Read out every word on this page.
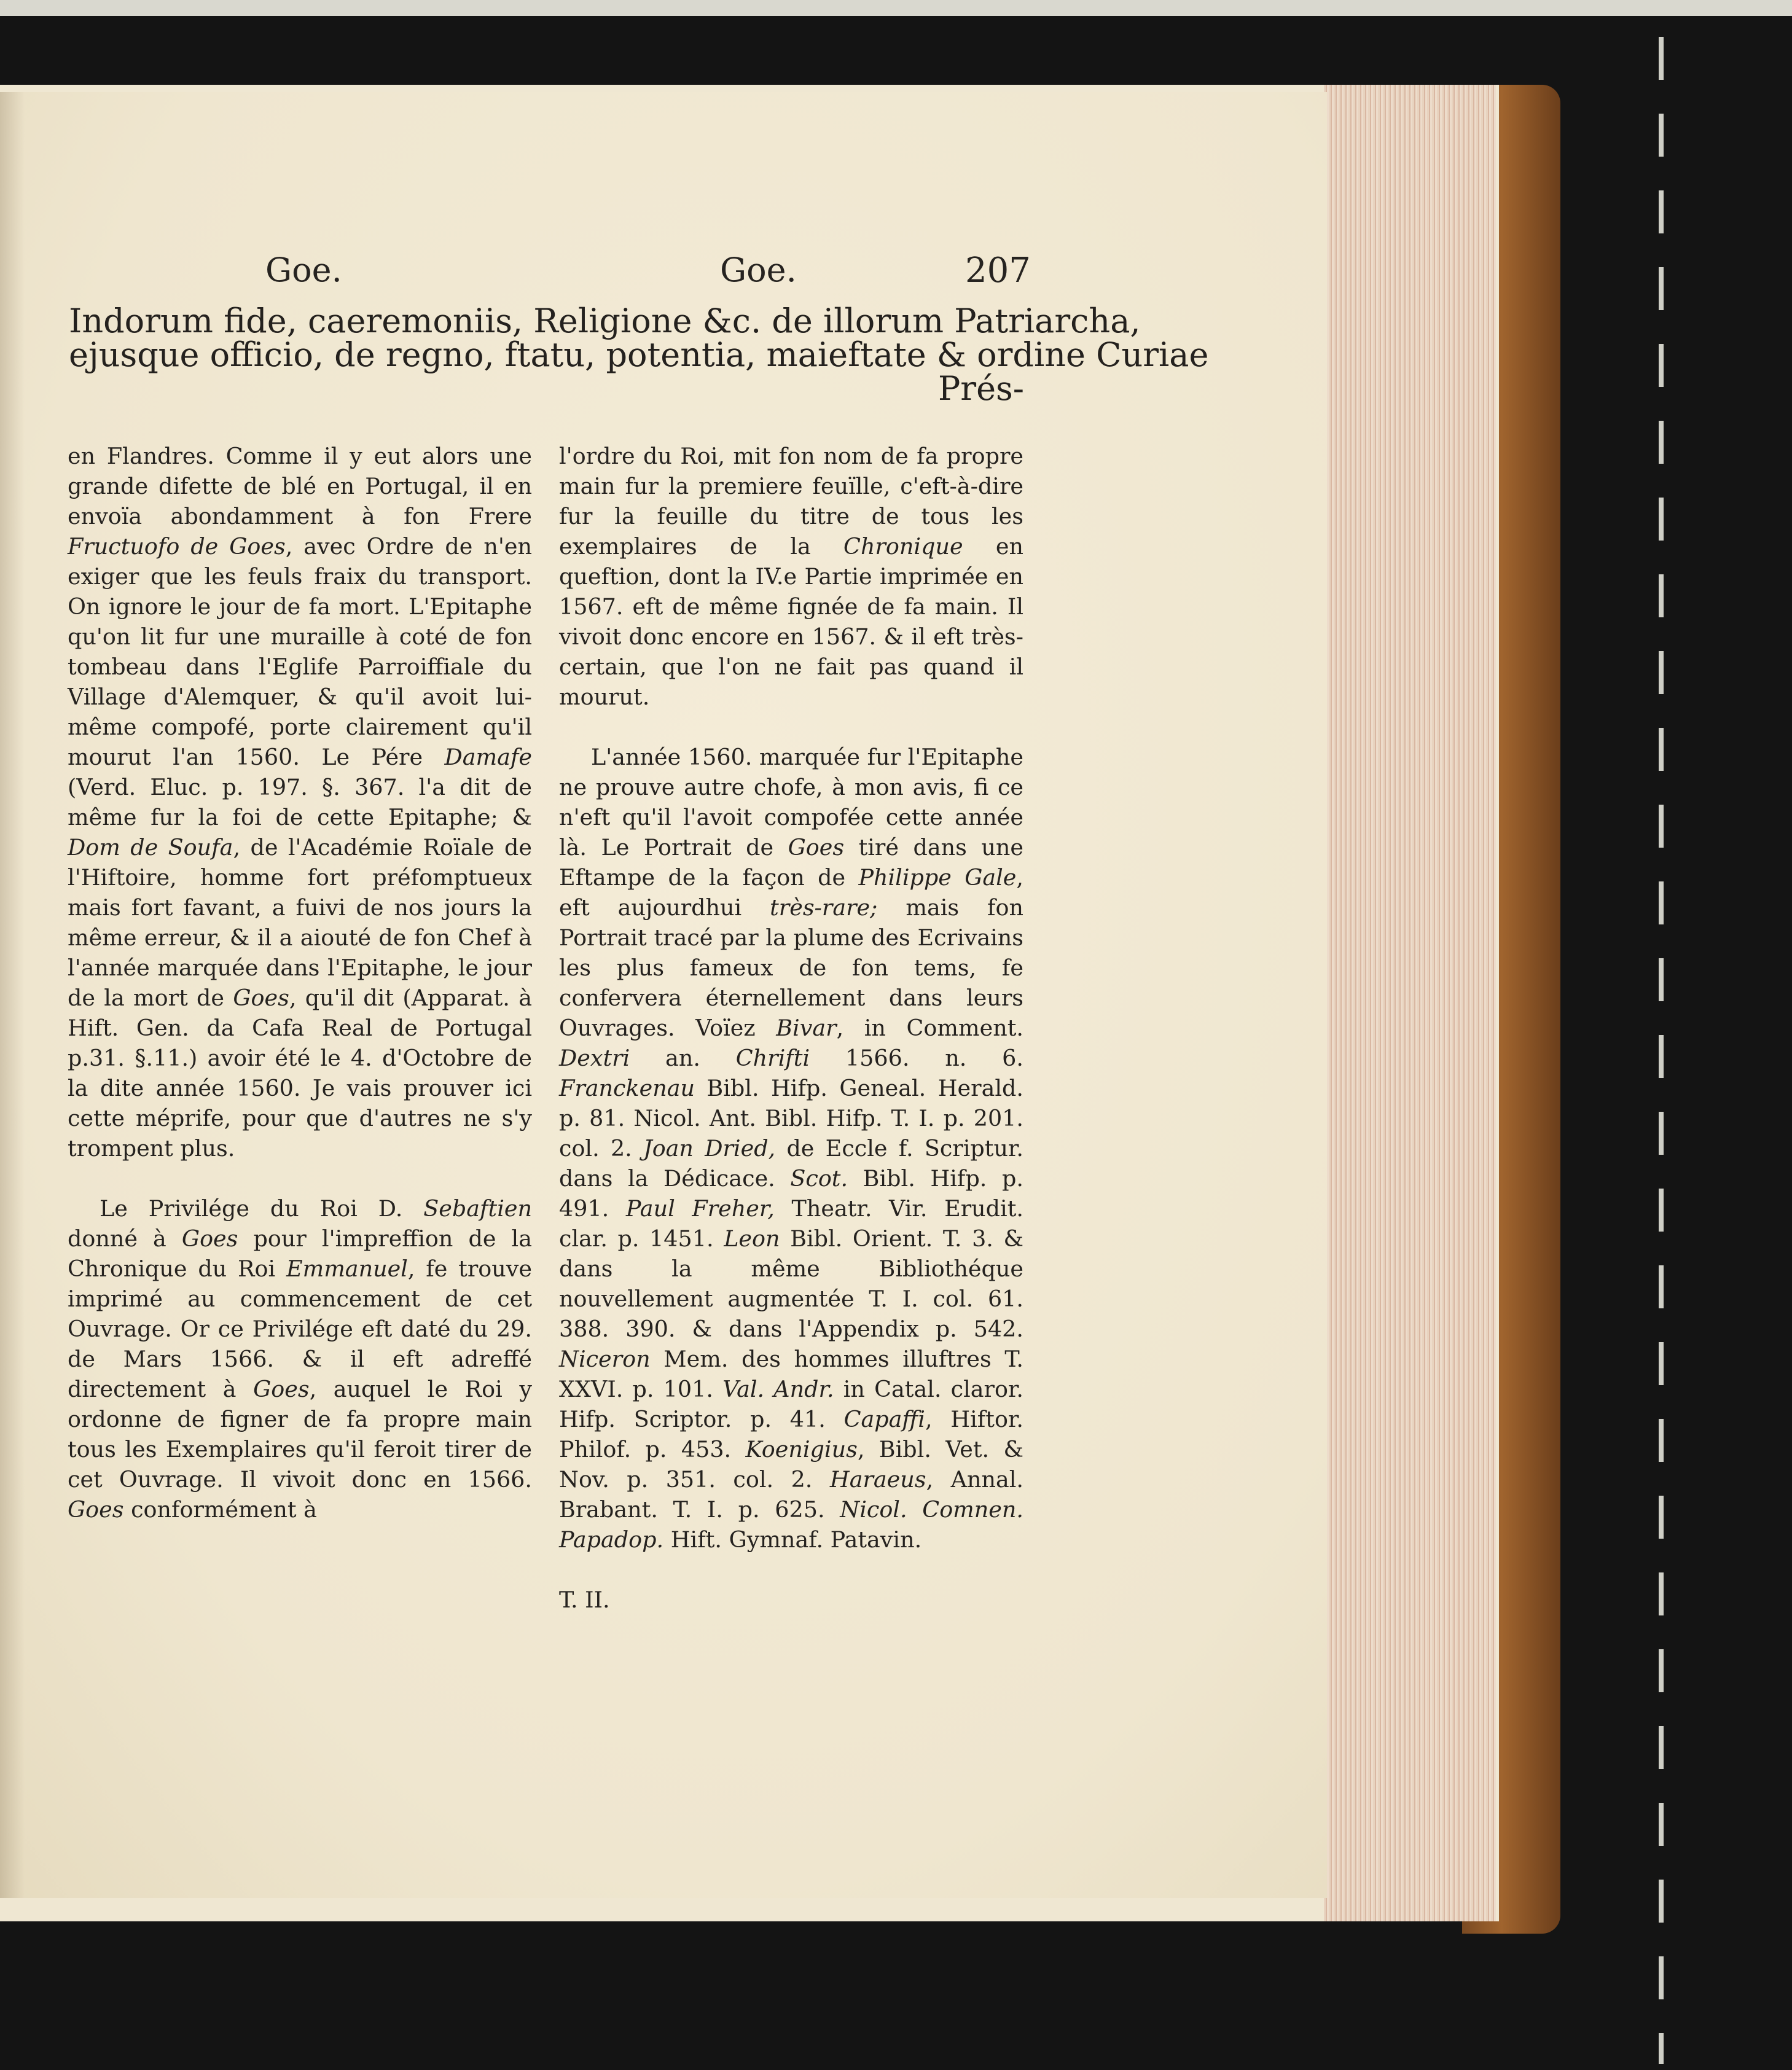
Goe.	Goe.	207
Indorum fide, caeremoniis, Religione &c. de illorum Patriarcha,
ejusque officio, de regno, ftatu, potentia, maieftate & ordine Curiae
Prés-

en Flandres. Comme il y eut alors une grande difette de blé en Portugal, il en envoïa abondamment à fon Frere Fructuofo de Goes, avec Ordre de n'en exiger que les feuls fraix du transport. On ignore le jour de fa mort. L'Epitaphe qu'on lit fur une muraille à coté de fon tombeau dans l'Eglife Parroiffiale du Village d'Alemquer, & qu'il avoit lui-même compofé, porte clairement qu'il mourut l'an 1560. Le Pére Damafe (Verd. Eluc. p. 197. §. 367. l'a dit de même fur la foi de cette Epitaphe; & Dom de Soufa, de l'Académie Roïale de l'Hiftoire, homme fort préfomptueux mais fort favant, a fuivi de nos jours la même erreur, & il a aiouté de fon Chef à l'année marquée dans l'Epitaphe, le jour de la mort de Goes, qu'il dit (Apparat. à Hift. Gen. da Cafa Real de Portugal p.31. §.11.) avoir été le 4. d'Octobre de la dite année 1560. Je vais prouver ici cette méprife, pour que d'autres ne s'y trompent plus.

Le Privilége du Roi D. Sebaftien donné à Goes pour l'impreffion de la Chronique du Roi Emmanuel, fe trouve imprimé au commencement de cet Ouvrage. Or ce Privilége eft daté du 29. de Mars 1566. & il eft adreffé directement à Goes, auquel le Roi y ordonne de figner de fa propre main tous les Exemplaires qu'il feroit tirer de cet Ouvrage. Il vivoit donc en 1566. Goes conformément à

l'ordre du Roi, mit fon nom de fa propre main fur la premiere feuïlle, c'eft-à-dire fur la feuille du titre de tous les exemplaires de la Chronique en queftion, dont la IV.e Partie imprimée en 1567. eft de même fignée de fa main. Il vivoit donc encore en 1567. & il eft très-certain, que l'on ne fait pas quand il mourut.

L'année 1560. marquée fur l'Epitaphe ne prouve autre chofe, à mon avis, fi ce n'eft qu'il l'avoit compofée cette année là. Le Portrait de Goes tiré dans une Eftampe de la façon de Philippe Gale, eft aujourdhui très-rare; mais fon Portrait tracé par la plume des Ecrivains les plus fameux de fon tems, fe confervera éternellement dans leurs Ouvrages. Voïez Bivar, in Comment. Dextri an. Chrifti 1566. n. 6. Franckenau Bibl. Hifp. Geneal. Herald. p. 81. Nicol. Ant. Bibl. Hifp. T. I. p. 201. col. 2. Joan Dried, de Eccle f. Scriptur. dans la Dédicace. Scot. Bibl. Hifp. p. 491. Paul Freher, Theatr. Vir. Erudit. clar. p. 1451. Leon Bibl. Orient. T. 3. & dans la même Bibliothéque nouvellement augmentée T. I. col. 61. 388. 390. & dans l'Appendix p. 542. Niceron Mem. des hommes illuftres T. XXVI. p. 101. Val. Andr. in Catal. claror. Hifp. Scriptor. p. 41. Capaffi, Hiftor. Philof. p. 453. Koenigius, Bibl. Vet. & Nov. p. 351. col. 2. Haraeus, Annal. Brabant. T. I. p. 625. Nicol. Comnen. Papadop. Hift. Gymnaf. Patavin.

T. II.
